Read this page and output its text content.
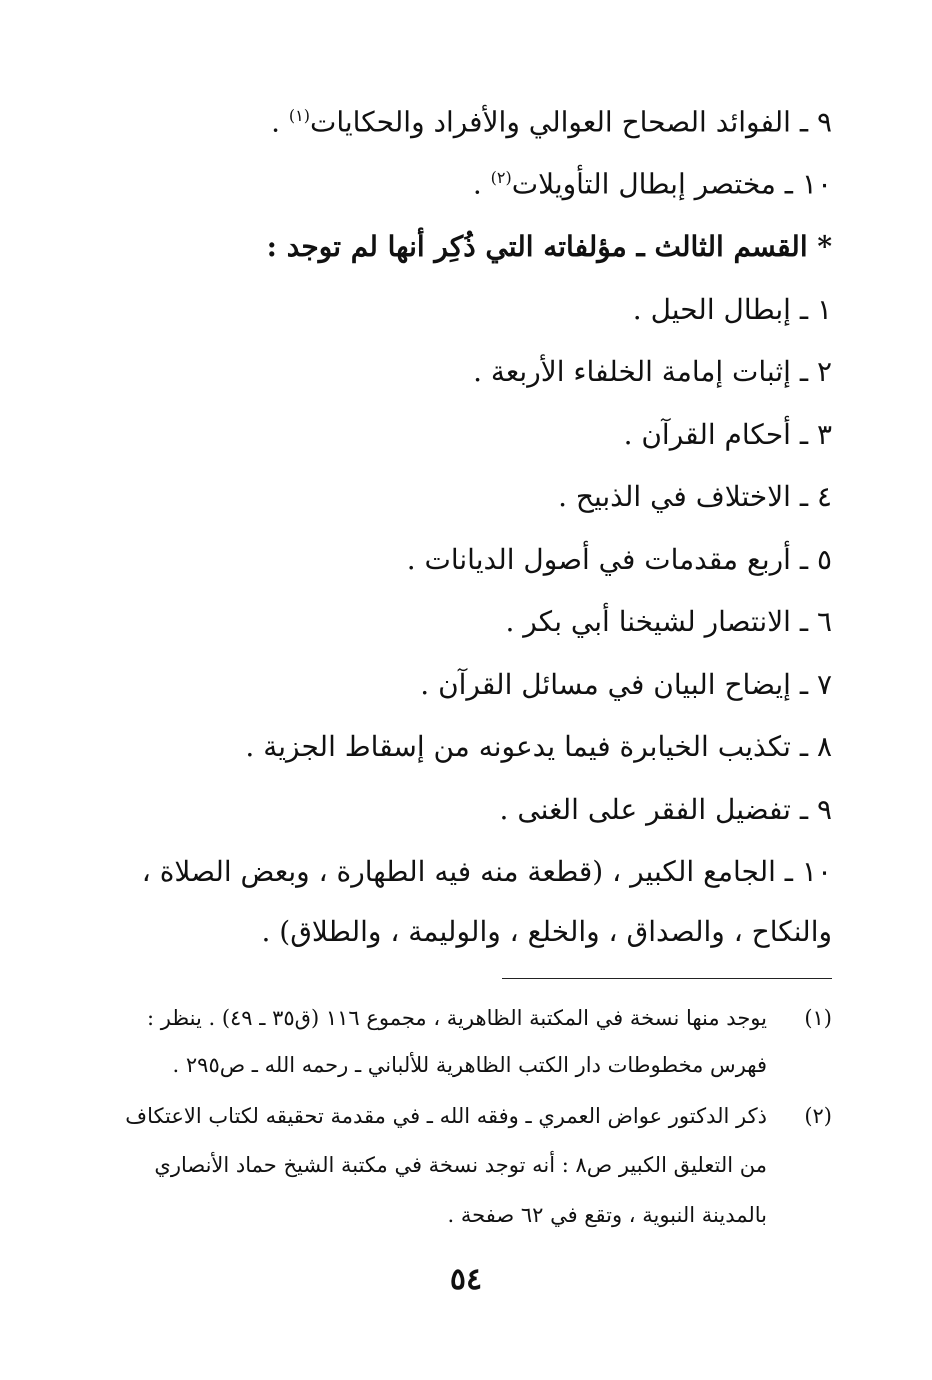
٩ ـ الفوائد الصحاح العوالي والأفراد والحكايات$^{(١)}$ .
١٠ ـ مختصر إبطال التأويلات$^{(٢)}$ .
* القسم الثالث ـ مؤلفاته التي ذُكِر أنها لم توجد :
١ ـ إبطال الحيل .
٢ ـ إثبات إمامة الخلفاء الأربعة .
٣ ـ أحكام القرآن .
٤ ـ الاختلاف في الذبيح .
٥ ـ أربع مقدمات في أصول الديانات .
٦ ـ الانتصار لشيخنا أبي بكر .
٧ ـ إيضاح البيان في مسائل القرآن .
٨ ـ تكذيب الخيابرة فيما يدعونه من إسقاط الجزية .
٩ ـ تفضيل الفقر على الغنى .
١٠ ـ الجامع الكبير ، (قطعة منه فيه الطهارة ، وبعض الصلاة ،
والنكاح ، والصداق ، والخلع ، والوليمة ، والطلاق) .
(١)
يوجد منها نسخة في المكتبة الظاهرية ، مجموع ١١٦ (ق٣٥ ـ ٤٩) . ينظر :
فهرس مخطوطات دار الكتب الظاهرية للألباني ـ رحمه الله ـ ص٢٩٥ .
(٢)
ذكر الدكتور عواض العمري ـ وفقه الله ـ في مقدمة تحقيقه لكتاب الاعتكاف
من التعليق الكبير ص٨ : أنه توجد نسخة في مكتبة الشيخ حماد الأنصاري
بالمدينة النبوية ، وتقع في ٦٢ صفحة .
٥٤
